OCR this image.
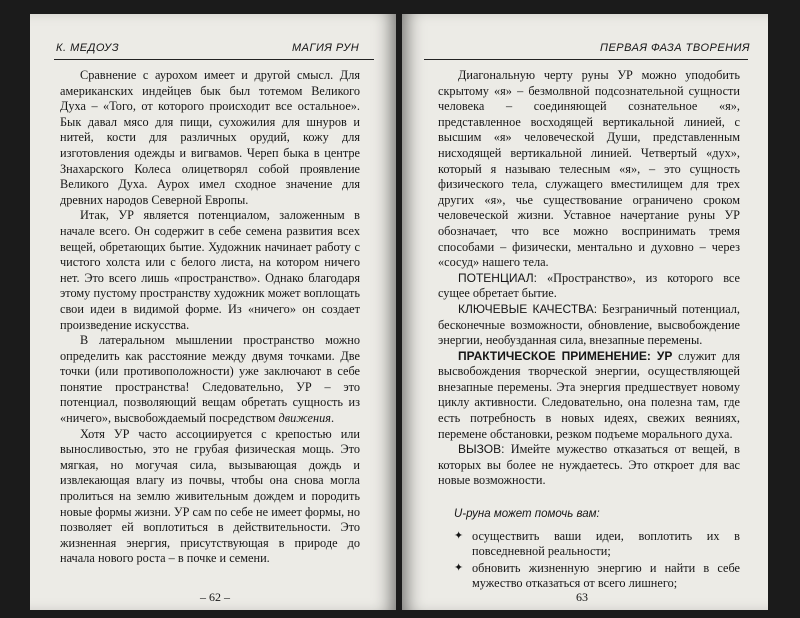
К. МЕДОУЗ	МАГИЯ РУН

Сравнение с аурохом имеет и другой смысл. Для американских индейцев бык был тотемом Великого Духа – «Того, от которого происходит все остальное». Бык давал мясо для пищи, сухожилия для шнуров и нитей, кости для различных орудий, кожу для изготовления одежды и вигвамов. Череп быка в центре Знахарского Колеса олицетворял собой проявление Великого Духа. Аурох имел сходное значение для древних народов Северной Европы.

Итак, УР является потенциалом, заложенным в начале всего. Он содержит в себе семена развития всех вещей, обретающих бытие. Художник начинает работу с чистого холста или с белого листа, на котором ничего нет. Это всего лишь «пространство». Однако благодаря этому пустому пространству художник может воплощать свои идеи в видимой форме. Из «ничего» он создает произведение искусства.

В латеральном мышлении пространство можно определить как расстояние между двумя точками. Две точки (или противоположности) уже заключают в себе понятие пространства! Следовательно, УР – это потенциал, позволяющий вещам обретать сущность из «ничего», высвобождаемый посредством движения.

Хотя УР часто ассоциируется с крепостью или выносливостью, это не грубая физическая мощь. Это мягкая, но могучая сила, вызывающая дождь и извлекающая влагу из почвы, чтобы она снова могла пролиться на землю живительным дождем и породить новые формы жизни. УР сам по себе не имеет формы, но позволяет ей воплотиться в действительности. Это жизненная энергия, присутствующая в природе до начала нового роста – в почке и семени.

– 62 –
ПЕРВАЯ ФАЗА ТВОРЕНИЯ

Диагональную черту руны УР можно уподобить скрытому «я» – безмолвной подсознательной сущности человека – соединяющей сознательное «я», представленное восходящей вертикальной линией, с высшим «я» человеческой Души, представленным нисходящей вертикальной линией. Четвертый «дух», который я называю телесным «я», – это сущность физического тела, служащего вместилищем для трех других «я», чье существование ограничено сроком человеческой жизни. Уставное начертание руны УР обозначает, что все можно воспринимать тремя способами – физически, ментально и духовно – через «сосуд» нашего тела.

ПОТЕНЦИАЛ: «Пространство», из которого все сущее обретает бытие.

КЛЮЧЕВЫЕ КАЧЕСТВА: Безграничный потенциал, бесконечные возможности, обновление, высвобождение энергии, необузданная сила, внезапные перемены.

ПРАКТИЧЕСКОЕ ПРИМЕНЕНИЕ: УР служит для высвобождения творческой энергии, осуществляющей внезапные перемены. Эта энергия предшествует новому циклу активности. Следовательно, она полезна там, где есть потребность в новых идеях, свежих веяниях, перемене обстановки, резком подъеме морального духа.

ВЫЗОВ: Имейте мужество отказаться от вещей, в которых вы более не нуждаетесь. Это откроет для вас новые возможности.

U-руна может помочь вам:
✦ осуществить ваши идеи, воплотить их в повседневной реальности;
✦ обновить жизненную энергию и найти в себе мужество отказаться от всего лишнего;
63
